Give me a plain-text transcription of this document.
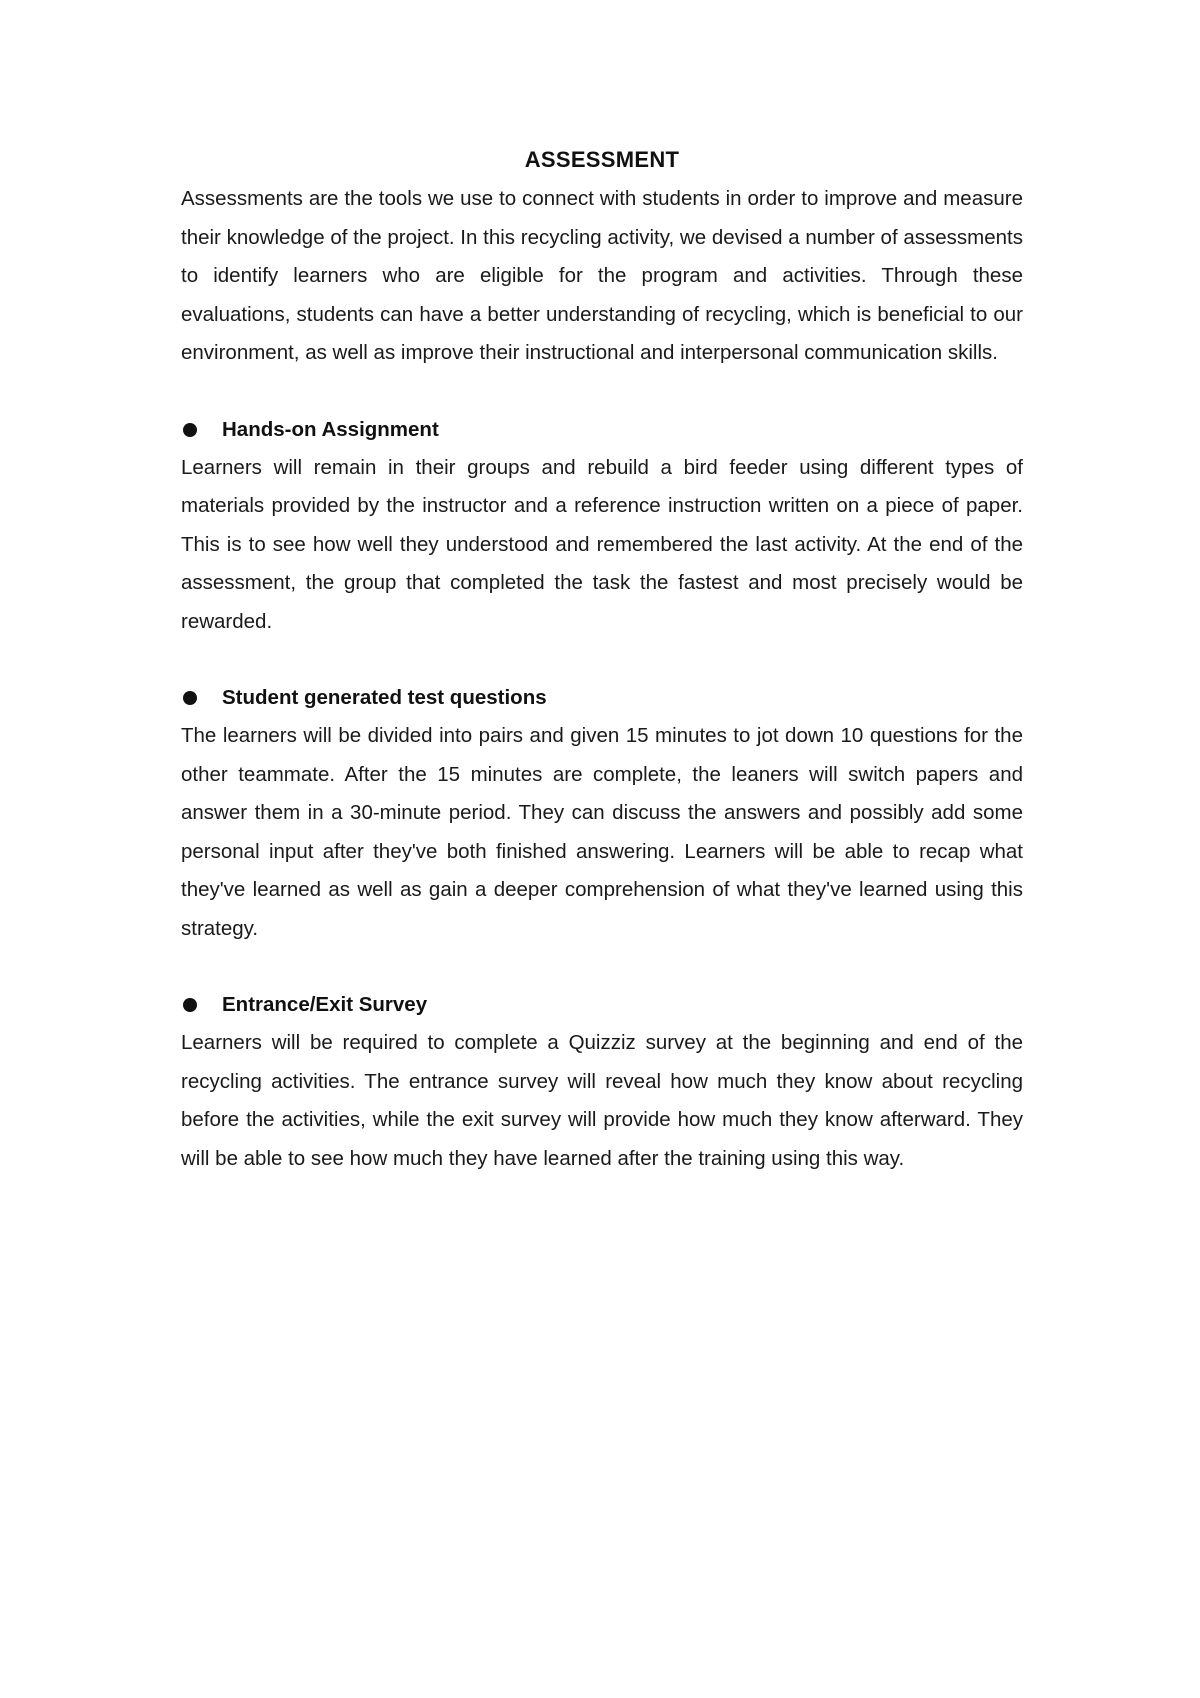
ASSESSMENT

Assessments are the tools we use to connect with students in order to improve and measure their knowledge of the project. In this recycling activity, we devised a number of assessments to identify learners who are eligible for the program and activities. Through these evaluations, students can have a better understanding of recycling, which is beneficial to our environment, as well as improve their instructional and interpersonal communication skills.

Hands-on Assignment

Learners will remain in their groups and rebuild a bird feeder using different types of materials provided by the instructor and a reference instruction written on a piece of paper. This is to see how well they understood and remembered the last activity. At the end of the assessment, the group that completed the task the fastest and most precisely would be rewarded.

Student generated test questions

The learners will be divided into pairs and given 15 minutes to jot down 10 questions for the other teammate. After the 15 minutes are complete, the leaners will switch papers and answer them in a 30-minute period. They can discuss the answers and possibly add some personal input after they've both finished answering. Learners will be able to recap what they've learned as well as gain a deeper comprehension of what they've learned using this strategy.

Entrance/Exit Survey

Learners will be required to complete a Quizziz survey at the beginning and end of the recycling activities. The entrance survey will reveal how much they know about recycling before the activities, while the exit survey will provide how much they know afterward. They will be able to see how much they have learned after the training using this way.
